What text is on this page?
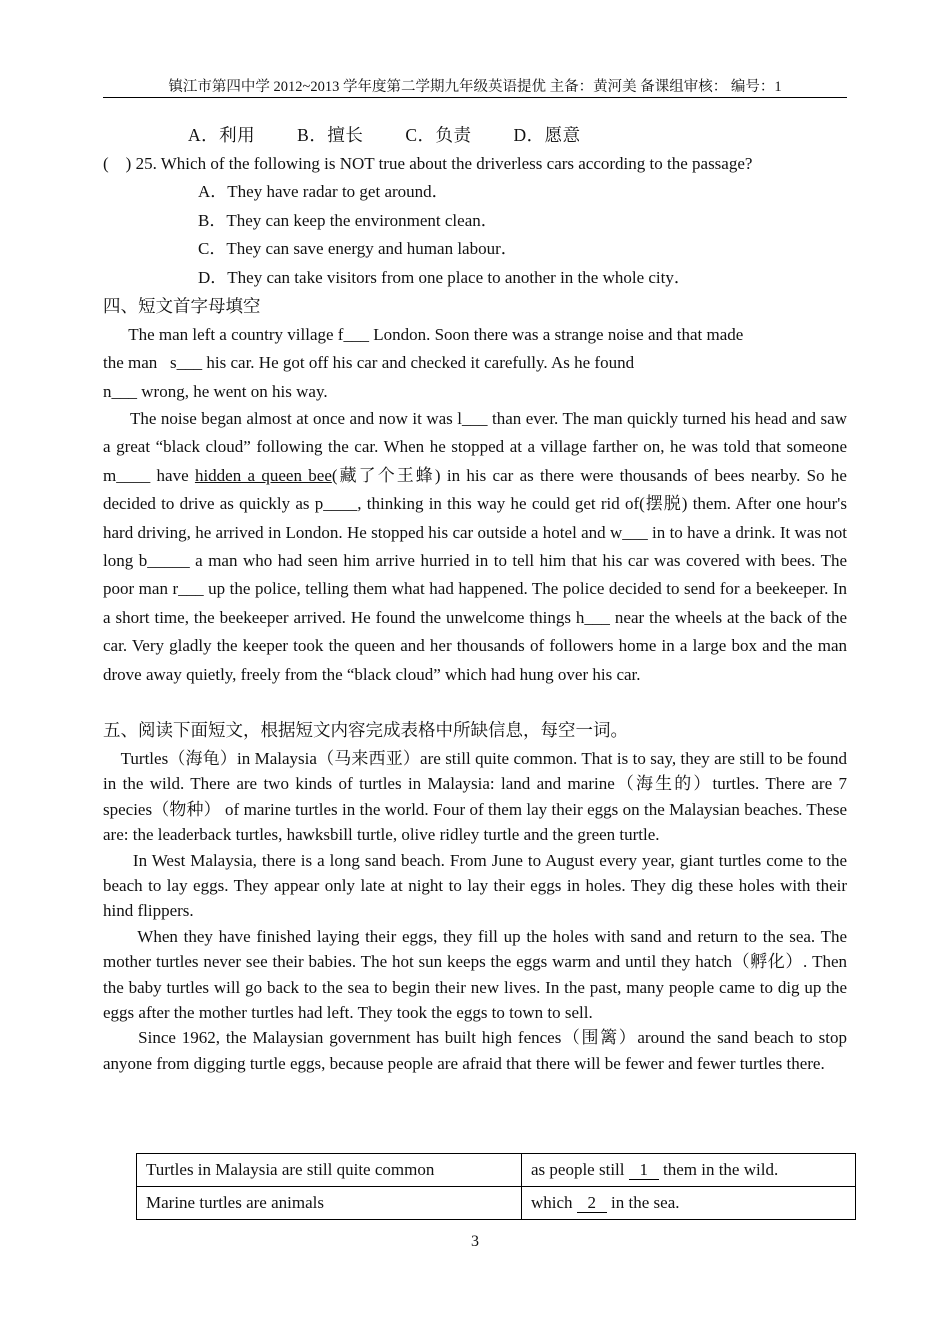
镇江市第四中学 2012~2013 学年度第二学期九年级英语提优 主备：黄河美 备课组审核： 编号：1
A．利用 B．擅长 C．负责 D．愿意
(    ) 25. Which of the following is NOT true about the driverless cars according to the passage?
A．They have radar to get around．
B．They can keep the environment clean．
C．They can save energy and human labour．
D．They can take visitors from one place to another in the whole city．
四、短文首字母填空
The man left a country village f___ London. Soon there was a strange noise and that made
the man   s___ his car. He got off his car and checked it carefully. As he found
n___ wrong, he went on his way.
The noise began almost at once and now it was l___ than ever. The man quickly turned his head and saw a great “black cloud” following the car. When he stopped at a village farther on, he was told that someone m____ have hidden a queen bee(藏了个王蜂) in his car as there were thousands of bees nearby. So he decided to drive as quickly as p____, thinking in this way he could get rid of(摆脱) them. After one hour's hard driving, he arrived in London. He stopped his car outside a hotel and w___ in to have a drink. It was not long b_____ a man who had seen him arrive hurried in to tell him that his car was covered with bees. The poor man r___ up the police, telling them what had happened. The police decided to send for a beekeeper. In a short time, the beekeeper arrived. He found the unwelcome things h___ near the wheels at the back of the car. Very gladly the keeper took the queen and her thousands of followers home in a large box and the man drove away quietly, freely from the “black cloud” which had hung over his car.
五、阅读下面短文，根据短文内容完成表格中所缺信息，每空一词。
Turtles（海龟）in Malaysia（马来西亚）are still quite common. That is to say, they are still to be found in the wild. There are two kinds of turtles in Malaysia: land and marine（海生的）turtles. There are 7 species（物种） of marine turtles in the world. Four of them lay their eggs on the Malaysian beaches. These are: the leaderback turtles, hawksbill turtle, olive ridley turtle and the green turtle.
In West Malaysia, there is a long sand beach. From June to August every year, giant turtles come to the beach to lay eggs. They appear only late at night to lay their eggs in holes. They dig these holes with their hind flippers.
When they have finished laying their eggs, they fill up the holes with sand and return to the sea. The mother turtles never see their babies. The hot sun keeps the eggs warm and until they hatch（孵化）. Then the baby turtles will go back to the sea to begin their new lives. In the past, many people came to dig up the eggs after the mother turtles had left. They took the eggs to town to sell.
Since 1962, the Malaysian government has built high fences（围篱）around the sand beach to stop anyone from digging turtle eggs, because people are afraid that there will be fewer and fewer turtles there.
Turtles in Malaysia are still quite common	as people still 1 them in the wild.
Marine turtles are animals	which 2 in the sea.
3
